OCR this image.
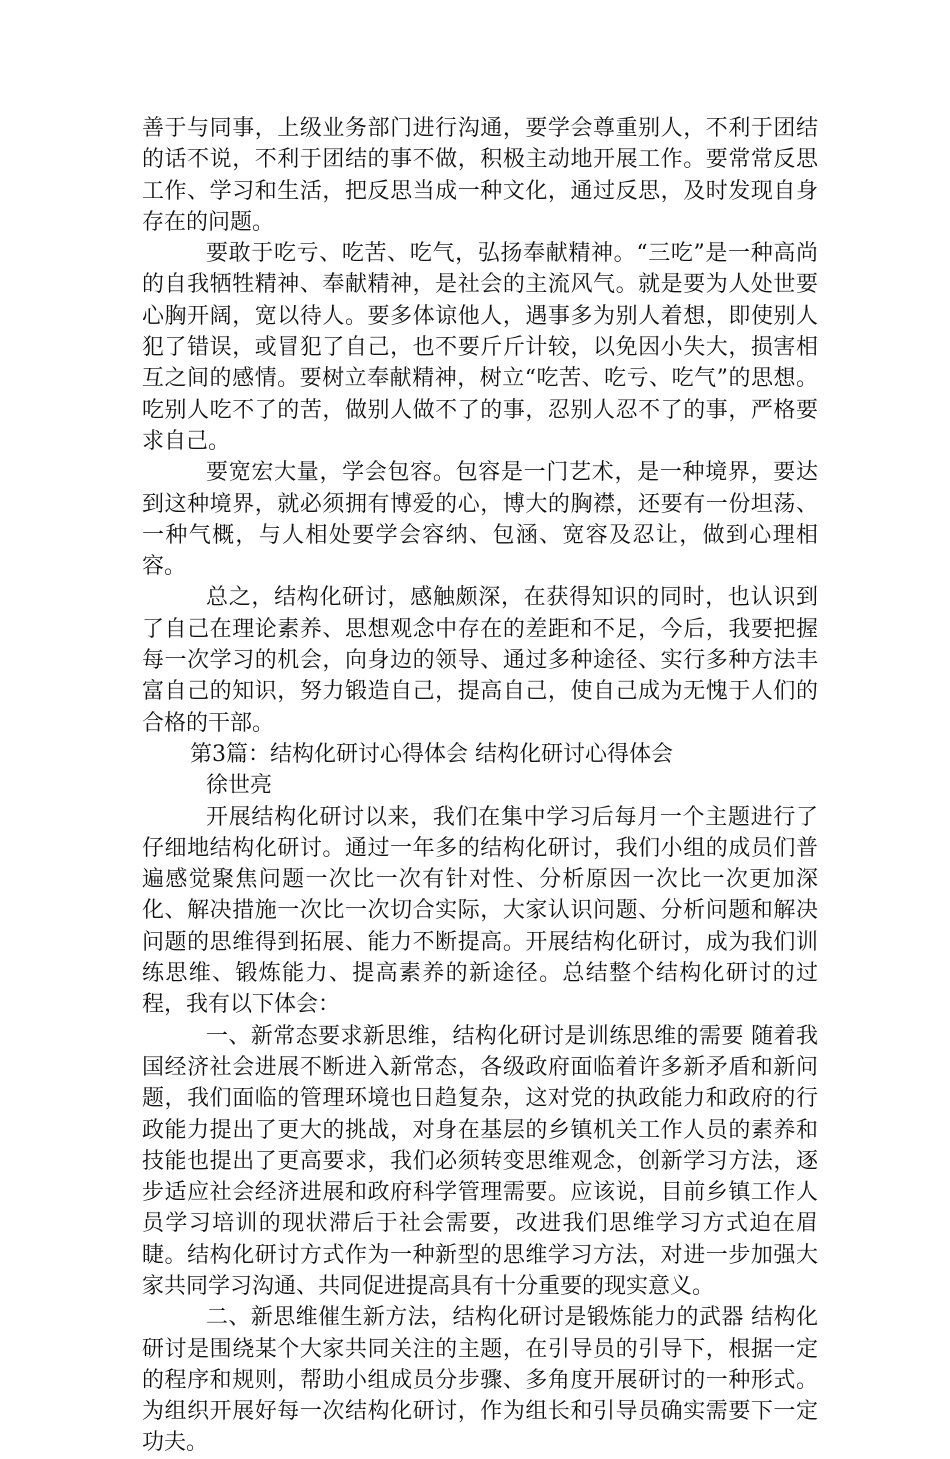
善于与同事，上级业务部门进行沟通，要学会尊重别人，不利于团结的话不说，不利于团结的事不做，积极主动地开展工作。要常常反思工作、学习和生活，把反思当成一种文化，通过反思，及时发现自身存在的问题。

要敢于吃亏、吃苦、吃气，弘扬奉献精神。“三吃”是一种高尚的自我牺牲精神、奉献精神，是社会的主流风气。就是要为人处世要心胸开阔，宽以待人。要多体谅他人，遇事多为别人着想，即使别人犯了错误，或冒犯了自己，也不要斤斤计较，以免因小失大，损害相互之间的感情。要树立奉献精神，树立“吃苦、吃亏、吃气”的思想。吃别人吃不了的苦，做别人做不了的事，忍别人忍不了的事，严格要求自己。

要宽宏大量，学会包容。包容是一门艺术，是一种境界，要达到这种境界，就必须拥有博爱的心，博大的胸襟，还要有一份坦荡、一种气概，与人相处要学会容纳、包涵、宽容及忍让，做到心理相容。

总之，结构化研讨，感触颇深，在获得知识的同时，也认识到了自己在理论素养、思想观念中存在的差距和不足，今后，我要把握每一次学习的机会，向身边的领导、通过多种途径、实行多种方法丰富自己的知识，努力锻造自己，提高自己，使自己成为无愧于人们的合格的干部。

第3篇：结构化研讨心得体会 结构化研讨心得体会

徐世亮

开展结构化研讨以来，我们在集中学习后每月一个主题进行了仔细地结构化研讨。通过一年多的结构化研讨，我们小组的成员们普遍感觉聚焦问题一次比一次有针对性、分析原因一次比一次更加深化、解决措施一次比一次切合实际，大家认识问题、分析问题和解决问题的思维得到拓展、能力不断提高。开展结构化研讨，成为我们训练思维、锻炼能力、提高素养的新途径。总结整个结构化研讨的过程，我有以下体会：

一、新常态要求新思维，结构化研讨是训练思维的需要 随着我国经济社会进展不断进入新常态，各级政府面临着许多新矛盾和新问题，我们面临的管理环境也日趋复杂，这对党的执政能力和政府的行政能力提出了更大的挑战，对身在基层的乡镇机关工作人员的素养和技能也提出了更高要求，我们必须转变思维观念，创新学习方法，逐步适应社会经济进展和政府科学管理需要。应该说，目前乡镇工作人员学习培训的现状滞后于社会需要，改进我们思维学习方式迫在眉睫。结构化研讨方式作为一种新型的思维学习方法，对进一步加强大家共同学习沟通、共同促进提高具有十分重要的现实意义。

二、新思维催生新方法，结构化研讨是锻炼能力的武器 结构化研讨是围绕某个大家共同关注的主题，在引导员的引导下，根据一定的程序和规则，帮助小组成员分步骤、多角度开展研讨的一种形式。为组织开展好每一次结构化研讨，作为组长和引导员确实需要下一定功夫。
